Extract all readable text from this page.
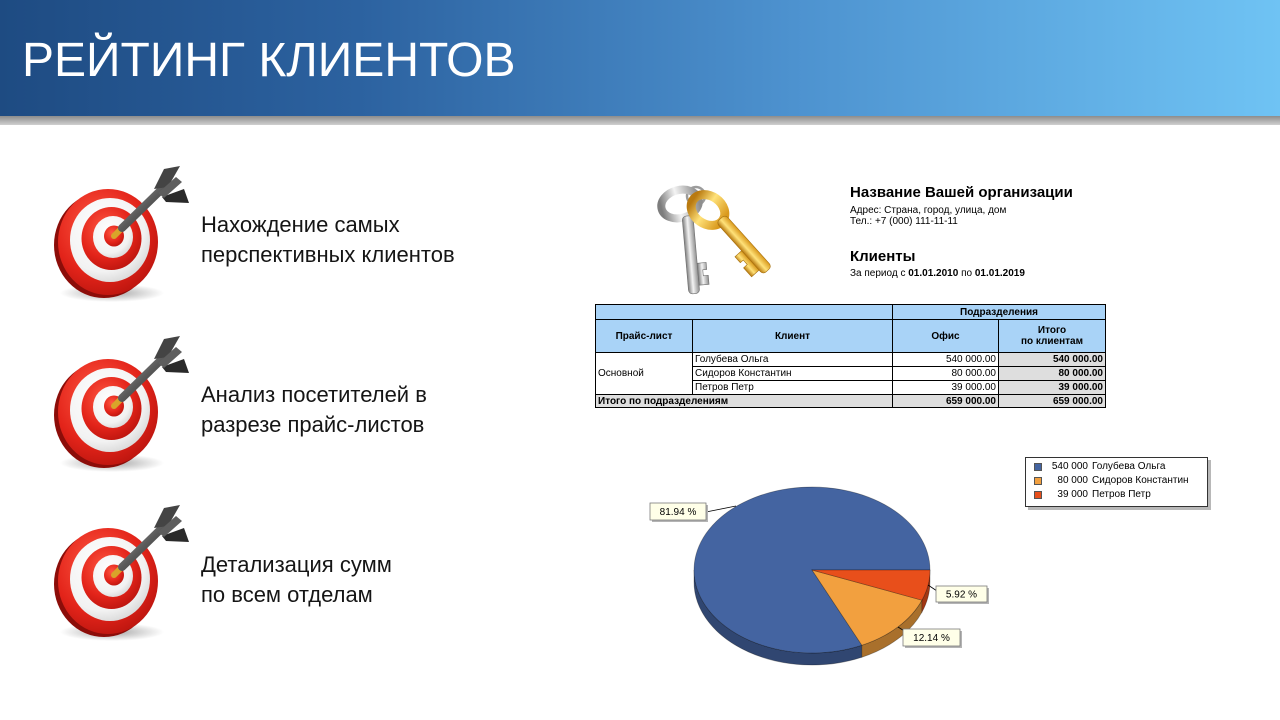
РЕЙТИНГ КЛИЕНТОВ
Нахождение самых
перспективных клиентов
Анализ посетителей в
разрезе прайс-листов
Детализация сумм
по всем отделам
Название Вашей организации
Адрес: Страна, город, улица, дом
Тел.: +7 (000) 111-11-11
Клиенты
За период с 01.01.2010 по 01.01.2019
		Подразделения	
Прайс-лист	Клиент	Офис	Итого
по клиентам

Основной	Голубева Ольга	540 000.00	540 000.00
	Сидоров Константин	80 000.00	80 000.00
	Петров Петр	39 000.00	39 000.00
Итого по подразделениям		659 000.00	659 000.00
81.94 %
12.14 %
5.92 %
540 000 Голубева Ольга
80 000 Сидоров Константин
39 000 Петров Петр
